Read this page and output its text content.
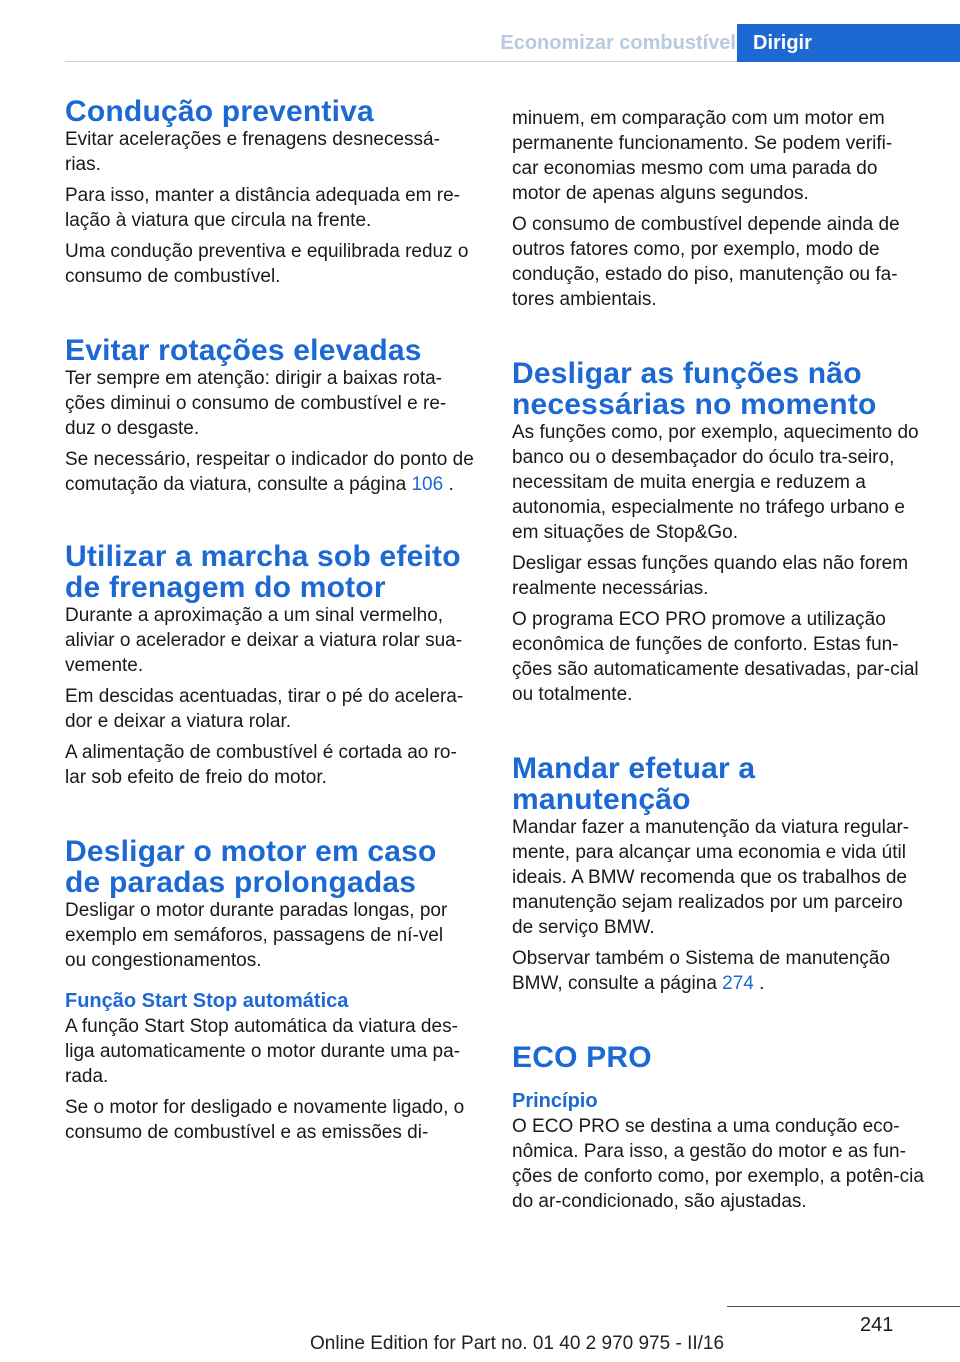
Economizar combustível Dirigir
Condução preventiva

Evitar acelerações e frenagens desnecessá-rias.

Para isso, manter a distância adequada em re-lação à viatura que circula na frente.

Uma condução preventiva e equilibrada reduz o consumo de combustível.

Evitar rotações elevadas

Ter sempre em atenção: dirigir a baixas rota-ções diminui o consumo de combustível e re-duz o desgaste.

Se necessário, respeitar o indicador do ponto de comutação da viatura, consulte a página 106 .

Utilizar a marcha sob efeito de frenagem do motor

Durante a aproximação a um sinal vermelho, aliviar o acelerador e deixar a viatura rolar sua-vemente.

Em descidas acentuadas, tirar o pé do acelera-dor e deixar a viatura rolar.

A alimentação de combustível é cortada ao ro-lar sob efeito de freio do motor.

Desligar o motor em caso de paradas prolongadas

Desligar o motor durante paradas longas, por exemplo em semáforos, passagens de ní-vel ou congestionamentos.

Função Start Stop automática

A função Start Stop automática da viatura des-liga automaticamente o motor durante uma pa-rada.

Se o motor for desligado e novamente ligado, o consumo de combustível e as emissões di-

minuem, em comparação com um motor em permanente funcionamento. Se podem verifi-car economias mesmo com uma parada do motor de apenas alguns segundos.

O consumo de combustível depende ainda de outros fatores como, por exemplo, modo de condução, estado do piso, manutenção ou fa-tores ambientais.

Desligar as funções não necessárias no momento

As funções como, por exemplo, aquecimento do banco ou o desembaçador do óculo tra-seiro, necessitam de muita energia e reduzem a autonomia, especialmente no tráfego urbano e em situações de Stop&Go.

Desligar essas funções quando elas não forem realmente necessárias.

O programa ECO PRO promove a utilização econômica de funções de conforto. Estas fun-ções são automaticamente desativadas, par-cial ou totalmente.

Mandar efetuar a manutenção

Mandar fazer a manutenção da viatura regular-mente, para alcançar uma economia e vida útil ideais. A BMW recomenda que os trabalhos de manutenção sejam realizados por um parceiro de serviço BMW.

Observar também o Sistema de manutenção BMW, consulte a página 274 .

ECO PRO
Princípio

O ECO PRO se destina a uma condução eco-nômica. Para isso, a gestão do motor e as fun-ções de conforto como, por exemplo, a potên-cia do ar-condicionado, são ajustadas.

241
Online Edition for Part no. 01 40 2 970 975 - II/16
